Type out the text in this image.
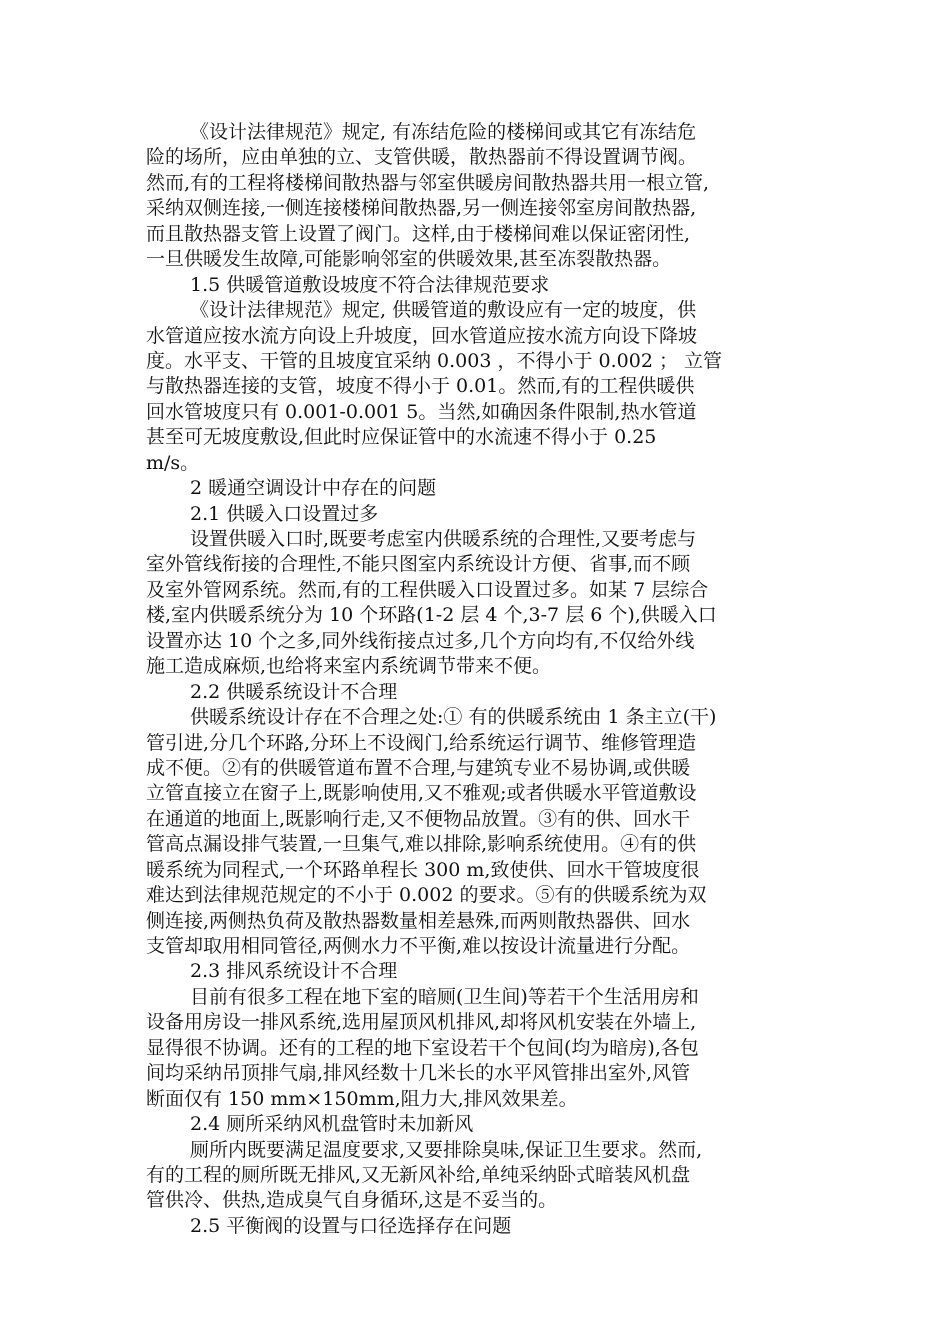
《设计法律规范》规定, 有冻结危险的楼梯间或其它有冻结危
险的场所，应由单独的立、支管供暖，散热器前不得设置调节阀。
然而,有的工程将楼梯间散热器与邻室供暖房间散热器共用一根立管,
采纳双侧连接,一侧连接楼梯间散热器,另一侧连接邻室房间散热器,
而且散热器支管上设置了阀门。这样,由于楼梯间难以保证密闭性,
一旦供暖发生故障,可能影响邻室的供暖效果,甚至冻裂散热器。
1.5 供暖管道敷设坡度不符合法律规范要求
《设计法律规范》规定, 供暖管道的敷设应有一定的坡度，供
水管道应按水流方向设上升坡度，回水管道应按水流方向设下降坡
度。水平支、干管的且坡度宜采纳 0.003 ，不得小于 0.002 ； 立管
与散热器连接的支管，坡度不得小于 0.01。然而,有的工程供暖供
回水管坡度只有 0.001-0.001 5。当然,如确因条件限制,热水管道
甚至可无坡度敷设,但此时应保证管中的水流速不得小于 0.25
m/s。
2 暖通空调设计中存在的问题
2.1 供暖入口设置过多
设置供暖入口时,既要考虑室内供暖系统的合理性,又要考虑与
室外管线衔接的合理性,不能只图室内系统设计方便、省事,而不顾
及室外管网系统。然而,有的工程供暖入口设置过多。如某 7 层综合
楼,室内供暖系统分为 10 个环路(1-2 层 4 个,3-7 层 6 个),供暖入口
设置亦达 10 个之多,同外线衔接点过多,几个方向均有,不仅给外线
施工造成麻烦,也给将来室内系统调节带来不便。
2.2 供暖系统设计不合理
供暖系统设计存在不合理之处:① 有的供暖系统由 1 条主立(干)
管引进,分几个环路,分环上不设阀门,给系统运行调节、维修管理造
成不便。②有的供暖管道布置不合理,与建筑专业不易协调,或供暖
立管直接立在窗子上,既影响使用,又不雅观;或者供暖水平管道敷设
在通道的地面上,既影响行走,又不便物品放置。③有的供、回水干
管高点漏设排气装置,一旦集气,难以排除,影响系统使用。④有的供
暖系统为同程式,一个环路单程长 300 m,致使供、回水干管坡度很
难达到法律规范规定的不小于 0.002 的要求。⑤有的供暖系统为双
侧连接,两侧热负荷及散热器数量相差悬殊,而两则散热器供、回水
支管却取用相同管径,两侧水力不平衡,难以按设计流量进行分配。
2.3 排风系统设计不合理
目前有很多工程在地下室的暗厕(卫生间)等若干个生活用房和
设备用房设一排风系统,选用屋顶风机排风,却将风机安装在外墙上,
显得很不协调。还有的工程的地下室设若干个包间(均为暗房),各包
间均采纳吊顶排气扇,排风经数十几米长的水平风管排出室外,风管
断面仅有 150 mm×150mm,阻力大,排风效果差。
2.4 厕所采纳风机盘管时未加新风
厕所内既要满足温度要求,又要排除臭味,保证卫生要求。然而,
有的工程的厕所既无排风,又无新风补给,单纯采纳卧式暗装风机盘
管供冷、供热,造成臭气自身循环,这是不妥当的。
2.5 平衡阀的设置与口径选择存在问题
